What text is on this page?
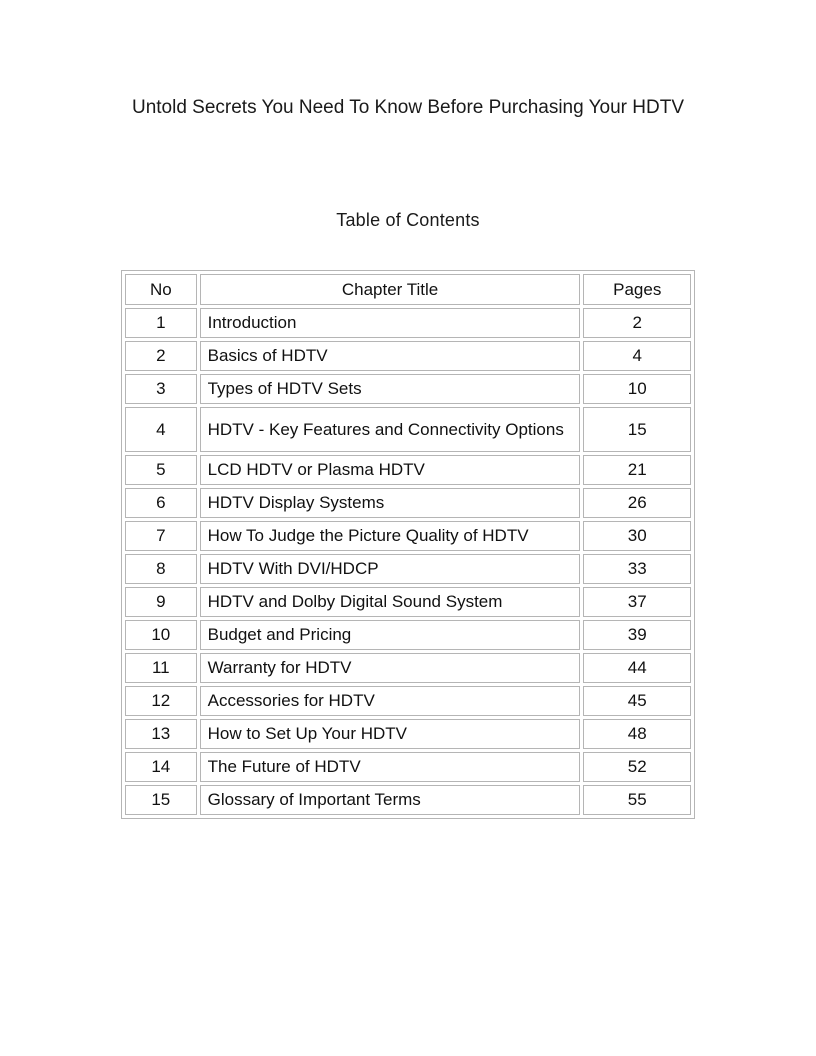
Untold Secrets You Need To Know Before Purchasing Your HDTV
Table of Contents
No	Chapter Title	Pages
1	Introduction	2
2	Basics of HDTV	4
3	Types of HDTV Sets	10
4	HDTV - Key Features and Connectivity Options	15
5	LCD HDTV or Plasma HDTV	21
6	HDTV Display Systems	26
7	How To Judge the Picture Quality of HDTV	30
8	HDTV With DVI/HDCP	33
9	HDTV and Dolby Digital Sound System	37
10	Budget and Pricing	39
11	Warranty for HDTV	44
12	Accessories for HDTV	45
13	How to Set Up Your HDTV	48
14	The Future of HDTV	52
15	Glossary of Important Terms	55
